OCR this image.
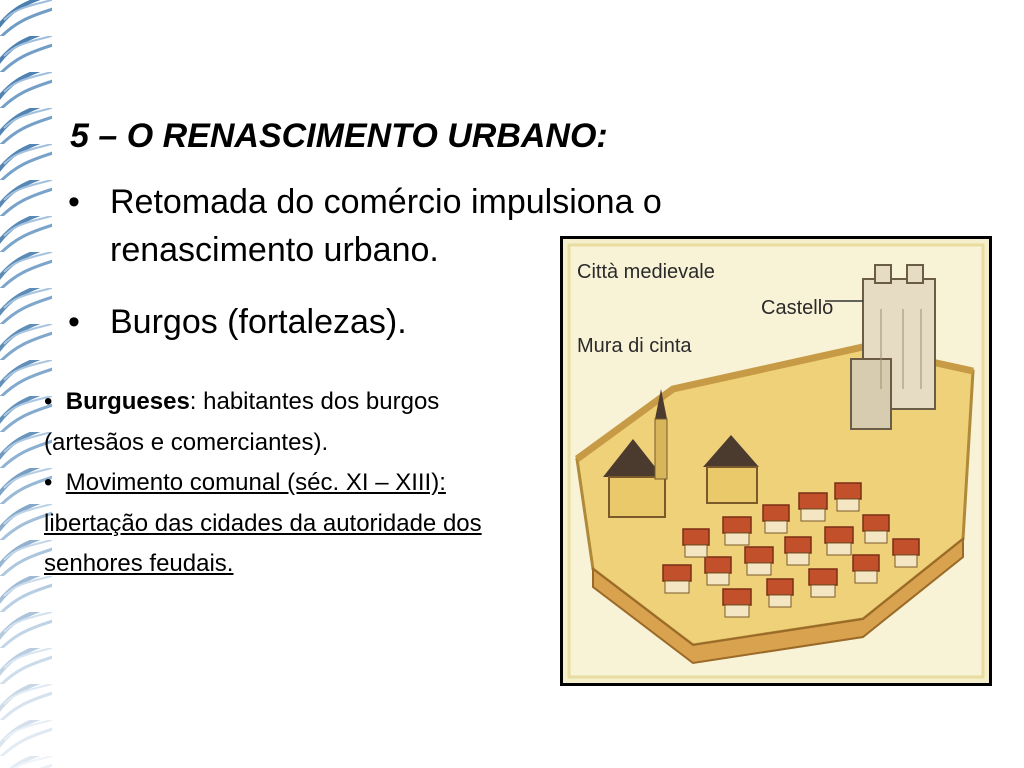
5 – O RENASCIMENTO URBANO:
• Retomada do comércio impulsiona o renascimento urbano.
• Burgos (fortalezas).

• Burgueses: habitantes dos burgos (artesãos e comerciantes).

• Movimento comunal (séc. XI – XIII): libertação das cidades da autoridade dos senhores feudais.

Città medievale
Castello
Mura di cinta
